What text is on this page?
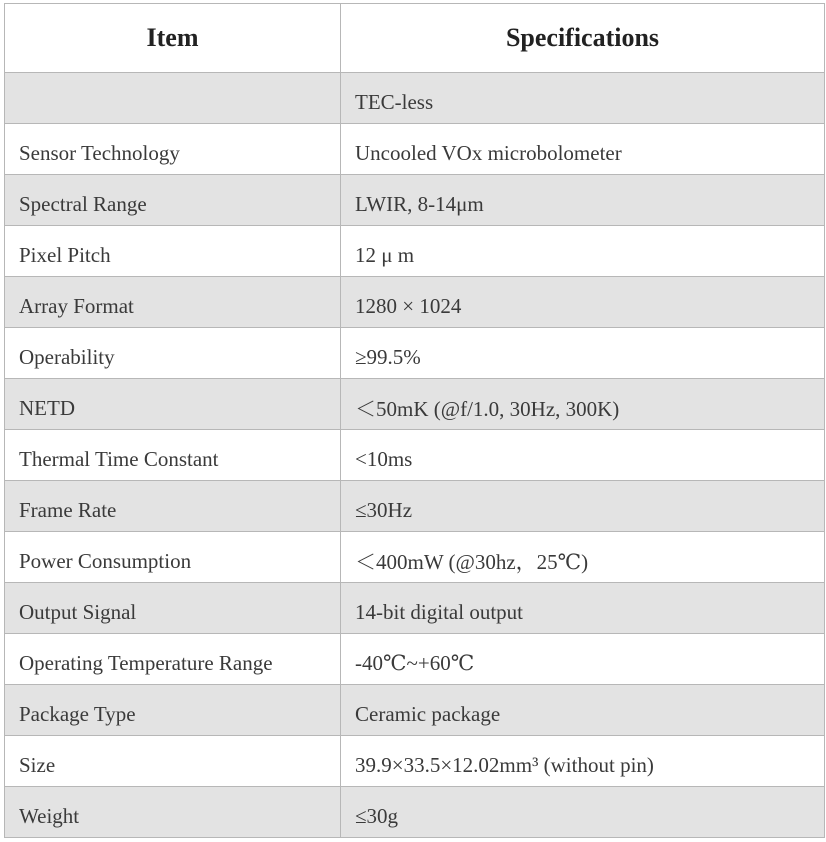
Item	Specifications
	TEC-less
Sensor Technology	Uncooled VOx microbolometer
Spectral Range	LWIR, 8-14μm
Pixel Pitch	12 μ m
Array Format	1280 × 1024
Operability	≥99.5%
NETD	＜50mK (@f/1.0, 30Hz, 300K)
Thermal Time Constant	<10ms
Frame Rate	≤30Hz
Power Consumption	＜400mW (@30hz，25℃)
Output Signal	14-bit digital output
Operating Temperature Range	-40℃~+60℃
Package Type	Ceramic package
Size	39.9×33.5×12.02mm³ (without pin)
Weight	≤30g
